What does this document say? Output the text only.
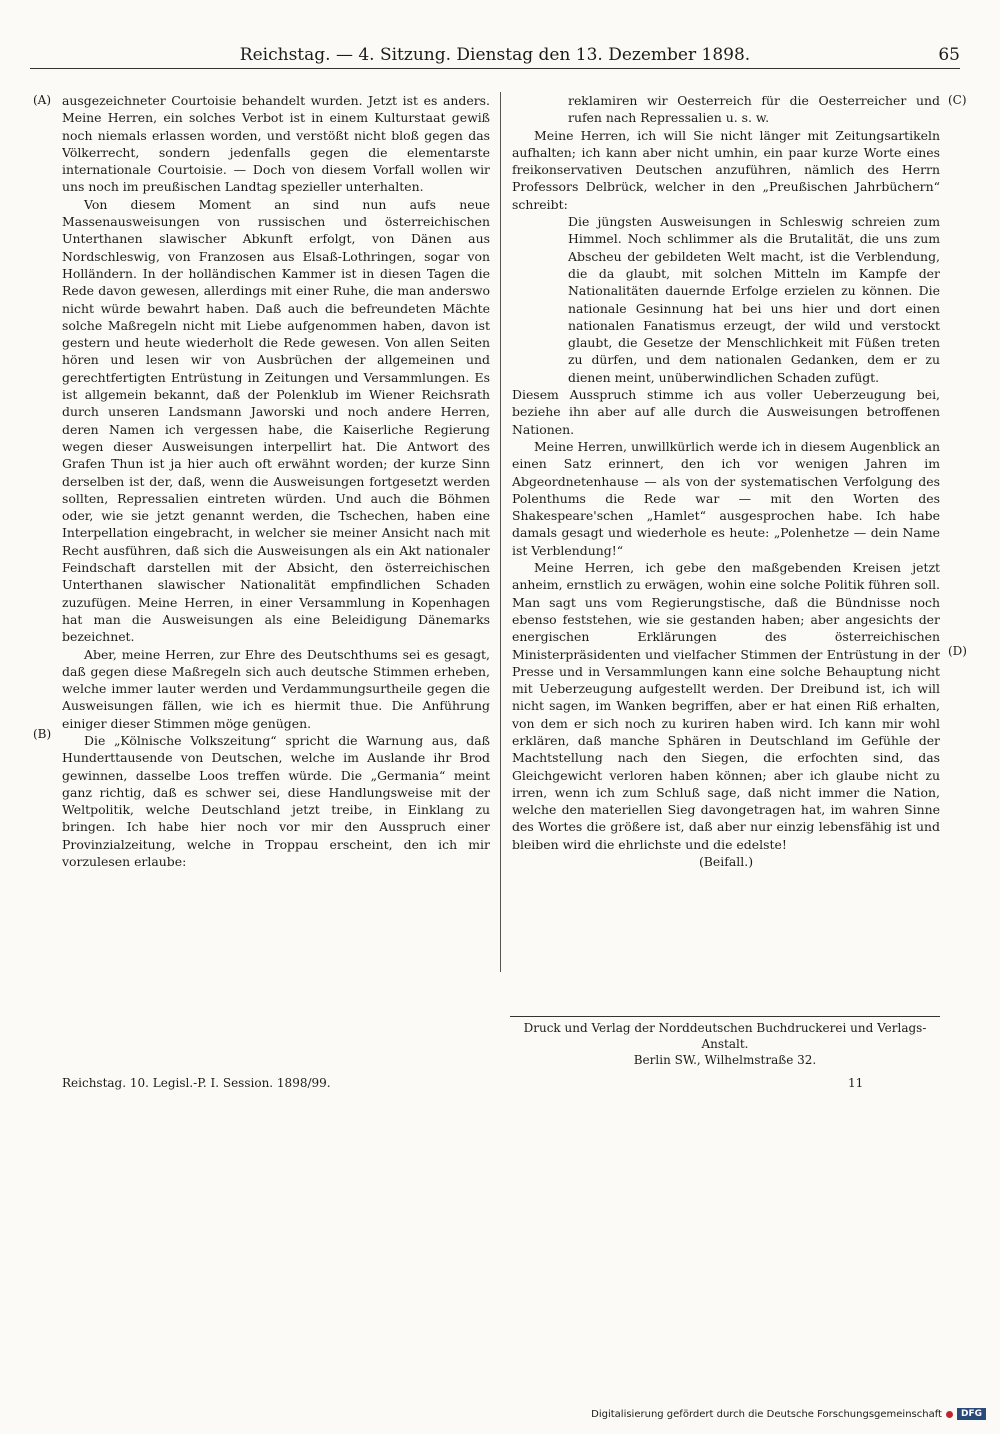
Reichstag. — 4. Sitzung. Dienstag den 13. Dezember 1898.	65
(A)
(B)
(C)
(D)

ausgezeichneter Courtoisie behandelt wurden. Jetzt ist es anders. Meine Herren, ein solches Verbot ist in einem Kulturstaat gewiß noch niemals erlassen worden, und verstößt nicht bloß gegen das Völkerrecht, sondern jedenfalls gegen die elementarste internationale Courtoisie. — Doch von diesem Vorfall wollen wir uns noch im preußischen Landtag spezieller unterhalten.

Von diesem Moment an sind nun aufs neue Massenausweisungen von russischen und österreichischen Unterthanen slawischer Abkunft erfolgt, von Dänen aus Nordschleswig, von Franzosen aus Elsaß-Lothringen, sogar von Holländern. In der holländischen Kammer ist in diesen Tagen die Rede davon gewesen, allerdings mit einer Ruhe, die man anderswo nicht würde bewahrt haben. Daß auch die befreundeten Mächte solche Maßregeln nicht mit Liebe aufgenommen haben, davon ist gestern und heute wiederholt die Rede gewesen. Von allen Seiten hören und lesen wir von Ausbrüchen der allgemeinen und gerechtfertigten Entrüstung in Zeitungen und Versammlungen. Es ist allgemein bekannt, daß der Polenklub im Wiener Reichsrath durch unseren Landsmann Jaworski und noch andere Herren, deren Namen ich vergessen habe, die Kaiserliche Regierung wegen dieser Ausweisungen interpellirt hat. Die Antwort des Grafen Thun ist ja hier auch oft erwähnt worden; der kurze Sinn derselben ist der, daß, wenn die Ausweisungen fortgesetzt werden sollten, Repressalien eintreten würden. Und auch die Böhmen oder, wie sie jetzt genannt werden, die Tschechen, haben eine Interpellation eingebracht, in welcher sie meiner Ansicht nach mit Recht ausführen, daß sich die Ausweisungen als ein Akt nationaler Feindschaft darstellen mit der Absicht, den österreichischen Unterthanen slawischer Nationalität empfindlichen Schaden zuzufügen. Meine Herren, in einer Versammlung in Kopenhagen hat man die Ausweisungen als eine Beleidigung Dänemarks bezeichnet.

Aber, meine Herren, zur Ehre des Deutschthums sei es gesagt, daß gegen diese Maßregeln sich auch deutsche Stimmen erheben, welche immer lauter werden und Verdammungsurtheile gegen die Ausweisungen fällen, wie ich es hiermit thue. Die Anführung einiger dieser Stimmen möge genügen.

Die „Kölnische Volkszeitung“ spricht die Warnung aus, daß Hunderttausende von Deutschen, welche im Auslande ihr Brod gewinnen, dasselbe Loos treffen würde. Die „Germania“ meint ganz richtig, daß es schwer sei, diese Handlungsweise mit der Weltpolitik, welche Deutschland jetzt treibe, in Einklang zu bringen. Ich habe hier noch vor mir den Ausspruch einer Provinzialzeitung, welche in Troppau erscheint, den ich mir vorzulesen erlaube:

reklamiren wir Oesterreich für die Oesterreicher und rufen nach Repressalien u. s. w.

Meine Herren, ich will Sie nicht länger mit Zeitungsartikeln aufhalten; ich kann aber nicht umhin, ein paar kurze Worte eines freikonservativen Deutschen anzuführen, nämlich des Herrn Professors Delbrück, welcher in den „Preußischen Jahrbüchern“ schreibt:

Die jüngsten Ausweisungen in Schleswig schreien zum Himmel. Noch schlimmer als die Brutalität, die uns zum Abscheu der gebildeten Welt macht, ist die Verblendung, die da glaubt, mit solchen Mitteln im Kampfe der Nationalitäten dauernde Erfolge erzielen zu können. Die nationale Gesinnung hat bei uns hier und dort einen nationalen Fanatismus erzeugt, der wild und verstockt glaubt, die Gesetze der Menschlichkeit mit Füßen treten zu dürfen, und dem nationalen Gedanken, dem er zu dienen meint, unüberwindlichen Schaden zufügt.

Diesem Ausspruch stimme ich aus voller Ueberzeugung bei, beziehe ihn aber auf alle durch die Ausweisungen betroffenen Nationen.

Meine Herren, unwillkürlich werde ich in diesem Augenblick an einen Satz erinnert, den ich vor wenigen Jahren im Abgeordnetenhause — als von der systematischen Verfolgung des Polenthums die Rede war — mit den Worten des Shakespeare'schen „Hamlet“ ausgesprochen habe. Ich habe damals gesagt und wiederhole es heute: „Polenhetze — dein Name ist Verblendung!“

Meine Herren, ich gebe den maßgebenden Kreisen jetzt anheim, ernstlich zu erwägen, wohin eine solche Politik führen soll. Man sagt uns vom Regierungstische, daß die Bündnisse noch ebenso feststehen, wie sie gestanden haben; aber angesichts der energischen Erklärungen des österreichischen Ministerpräsidenten und vielfacher Stimmen der Entrüstung in der Presse und in Versammlungen kann eine solche Behauptung nicht mit Ueberzeugung aufgestellt werden. Der Dreibund ist, ich will nicht sagen, im Wanken begriffen, aber er hat einen Riß erhalten, von dem er sich noch zu kuriren haben wird. Ich kann mir wohl erklären, daß manche Sphären in Deutschland im Gefühle der Machtstellung nach den Siegen, die erfochten sind, das Gleichgewicht verloren haben können; aber ich glaube nicht zu irren, wenn ich zum Schluß sage, daß nicht immer die Nation, welche den materiellen Sieg davongetragen hat, im wahren Sinne des Wortes die größere ist, daß aber nur einzig lebensfähig ist und bleiben wird die ehrlichste und die edelste!

(Beifall.)

Druck und Verlag der Norddeutschen Buchdruckerei und Verlags-Anstalt.
Berlin SW., Wilhelmstraße 32.
Reichstag. 10. Legisl.-P. I. Session. 1898/99.	11
Digitalisierung gefördert durch die Deutsche Forschungsgemeinschaft	DFG
